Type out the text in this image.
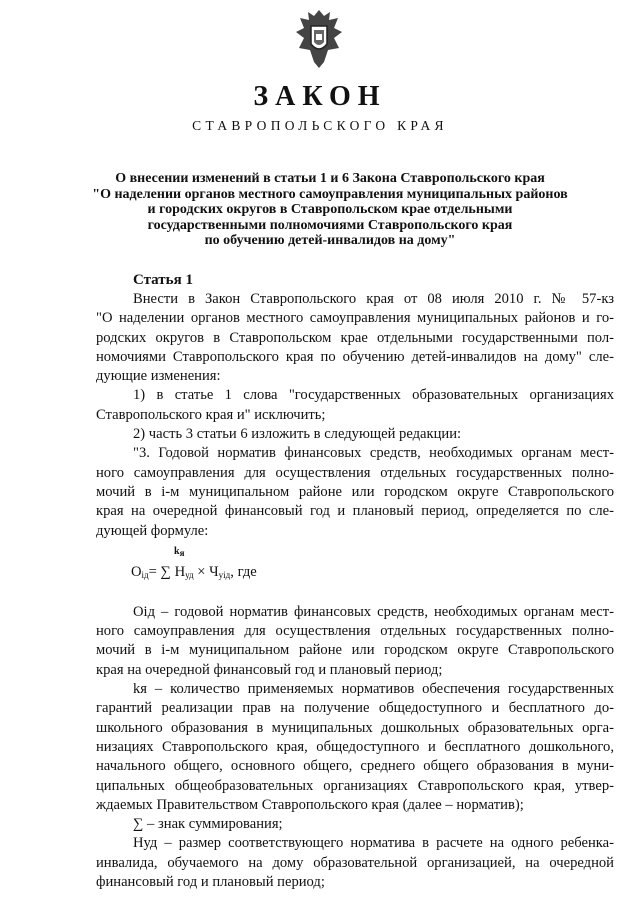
ЗАКОН
СТАВРОПОЛЬСКОГО КРАЯ
О внесении изменений в статьи 1 и 6 Закона Ставропольского края
"О наделении органов местного самоуправления муниципальных районов
и городских округов в Ставропольском крае отдельными
государственными полномочиями Ставропольского края
по обучению детей-инвалидов на дому"
Статья 1
Внести в Закон Ставропольского края от 08 июля 2010 г. № 57-кз
"О наделении органов местного самоуправления муниципальных районов и го-
родских округов в Ставропольском крае отдельными государственными пол-
номочиями Ставропольского края по обучению детей-инвалидов на дому" сле-
дующие изменения:
1) в статье 1 слова "государственных образовательных организациях
Ставропольского края и" исключить;
2) часть 3 статьи 6 изложить в следующей редакции:
"3. Годовой норматив финансовых средств, необходимых органам мест-
ного самоуправления для осуществления отдельных государственных полно-
мочий в i-м муниципальном районе или городском округе Ставропольского
края на очередной финансовый год и плановый период, определяется по сле-
дующей формуле:
$k_я$
$O_{iд}=$ ∑ $Н_{уд} \times Ч_{уiд}$, где
Оiд – годовой норматив финансовых средств, необходимых органам мест-
ного самоуправления для осуществления отдельных государственных полно-
мочий в i-м муниципальном районе или городском округе Ставропольского
края на очередной финансовый год и плановый период;
kя – количество применяемых нормативов обеспечения государственных
гарантий реализации прав на получение общедоступного и бесплатного до-
школьного образования в муниципальных дошкольных образовательных орга-
низациях Ставропольского края, общедоступного и бесплатного дошкольного,
начального общего, основного общего, среднего общего образования в муни-
ципальных общеобразовательных организациях Ставропольского края, утвер-
ждаемых Правительством Ставропольского края (далее – норматив);
∑ – знак суммирования;
Нуд – размер соответствующего норматива в расчете на одного ребенка-
инвалида, обучаемого на дому образовательной организацией, на очередной
финансовый год и плановый период;
